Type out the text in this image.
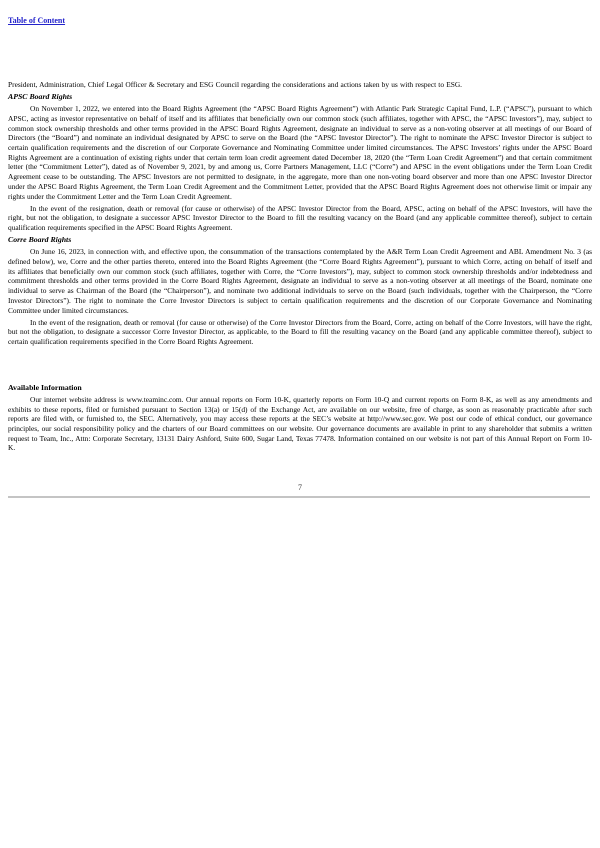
Table of Content

President, Administration, Chief Legal Officer & Secretary and ESG Council regarding the considerations and actions taken by us with respect to ESG.

APSC Board Rights

On November 1, 2022, we entered into the Board Rights Agreement (the “APSC Board Rights Agreement”) with Atlantic Park Strategic Capital Fund, L.P. (“APSC”), pursuant to which APSC, acting as investor representative on behalf of itself and its affiliates that beneficially own our common stock (such affiliates, together with APSC, the “APSC Investors”), may, subject to common stock ownership thresholds and other terms provided in the APSC Board Rights Agreement, designate an individual to serve as a non-voting observer at all meetings of our Board of Directors (the “Board”) and nominate an individual designated by APSC to serve on the Board (the “APSC Investor Director”). The right to nominate the APSC Investor Director is subject to certain qualification requirements and the discretion of our Corporate Governance and Nominating Committee under limited circumstances. The APSC Investors’ rights under the APSC Board Rights Agreement are a continuation of existing rights under that certain term loan credit agreement dated December 18, 2020 (the “Term Loan Credit Agreement”) and that certain commitment letter (the “Commitment Letter”), dated as of November 9, 2021, by and among us, Corre Partners Management, LLC (“Corre”) and APSC in the event obligations under the Term Loan Credit Agreement cease to be outstanding. The APSC Investors are not permitted to designate, in the aggregate, more than one non-voting board observer and more than one APSC Investor Director under the APSC Board Rights Agreement, the Term Loan Credit Agreement and the Commitment Letter, provided that the APSC Board Rights Agreement does not otherwise limit or impair any rights under the Commitment Letter and the Term Loan Credit Agreement.

In the event of the resignation, death or removal (for cause or otherwise) of the APSC Investor Director from the Board, APSC, acting on behalf of the APSC Investors, will have the right, but not the obligation, to designate a successor APSC Investor Director to the Board to fill the resulting vacancy on the Board (and any applicable committee thereof), subject to certain qualification requirements specified in the APSC Board Rights Agreement.

Corre Board Rights

On June 16, 2023, in connection with, and effective upon, the consummation of the transactions contemplated by the A&R Term Loan Credit Agreement and ABL Amendment No. 3 (as defined below), we, Corre and the other parties thereto, entered into the Board Rights Agreement (the “Corre Board Rights Agreement”), pursuant to which Corre, acting on behalf of itself and its affiliates that beneficially own our common stock (such affiliates, together with Corre, the “Corre Investors”), may, subject to common stock ownership thresholds and/or indebtedness and commitment thresholds and other terms provided in the Corre Board Rights Agreement, designate an individual to serve as a non-voting observer at all meetings of the Board, nominate one individual to serve as Chairman of the Board (the “Chairperson”), and nominate two additional individuals to serve on the Board (such individuals, together with the Chairperson, the “Corre Investor Directors”). The right to nominate the Corre Investor Directors is subject to certain qualification requirements and the discretion of our Corporate Governance and Nominating Committee under limited circumstances.

In the event of the resignation, death or removal (for cause or otherwise) of the Corre Investor Directors from the Board, Corre, acting on behalf of the Corre Investors, will have the right, but not the obligation, to designate a successor Corre Investor Director, as applicable, to the Board to fill the resulting vacancy on the Board (and any applicable committee thereof), subject to certain qualification requirements specified in the Corre Board Rights Agreement.

Available Information

Our internet website address is www.teaminc.com. Our annual reports on Form 10-K, quarterly reports on Form 10-Q and current reports on Form 8-K, as well as any amendments and exhibits to these reports, filed or furnished pursuant to Section 13(a) or 15(d) of the Exchange Act, are available on our website, free of charge, as soon as reasonably practicable after such reports are filed with, or furnished to, the SEC. Alternatively, you may access these reports at the SEC’s website at http://www.sec.gov. We post our code of ethical conduct, our governance principles, our social responsibility policy and the charters of our Board committees on our website. Our governance documents are available in print to any shareholder that submits a written request to Team, Inc., Attn: Corporate Secretary, 13131 Dairy Ashford, Suite 600, Sugar Land, Texas 77478. Information contained on our website is not part of this Annual Report on Form 10-K.

7
